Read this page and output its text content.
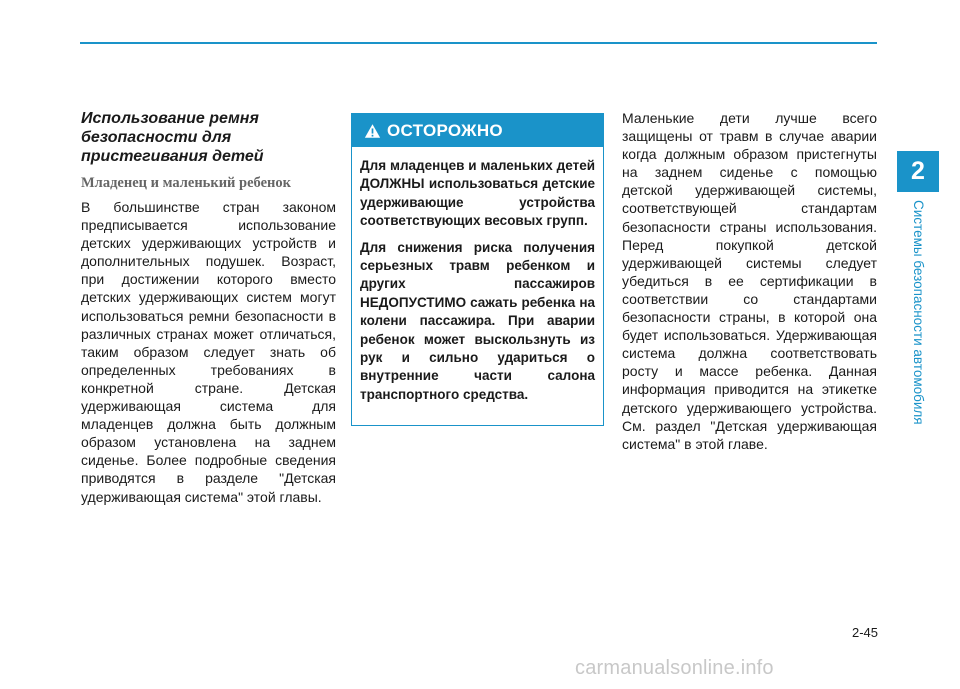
2
Системы безопасности автомобиля
Использование ремня безопасности для пристегивания детей
Младенец и маленький ребенок

В большинстве стран законом предписывается использование детских удерживающих устройств и дополнительных подушек. Возраст, при достижении которого вместо детских удерживающих систем могут использоваться ремни безопасности в различных странах может отличаться, таким образом следует знать об определенных требованиях в конкретной стране. Детская удерживающая система для младенцев должна быть должным образом установлена на заднем сиденье. Более подробные сведения приводятся в разделе "Детская удерживающая система" этой главы.

ОСТОРОЖНО

Для младенцев и маленьких детей ДОЛЖНЫ использоваться детские удерживающие устройства соответствующих весовых групп.

Для снижения риска получения серьезных травм ребенком и других пассажиров НЕДОПУСТИМО сажать ребенка на колени пассажира. При аварии ребенок может выскользнуть из рук и сильно удариться о внутренние части салона транспортного средства.

Маленькие дети лучше всего защищены от травм в случае аварии когда должным образом пристегнуты на заднем сиденье с помощью детской удерживающей системы, соответствующей стандартам безопасности страны использования. Перед покупкой детской удерживающей системы следует убедиться в ее сертификации в соответствии со стандартами безопасности страны, в которой она будет использоваться. Удерживающая система должна соответствовать росту и массе ребенка. Данная информация приводится на этикетке детского удерживающего устройства. См. раздел "Детская удерживающая система" в этой главе.

2-45
carmanualsonline.info
